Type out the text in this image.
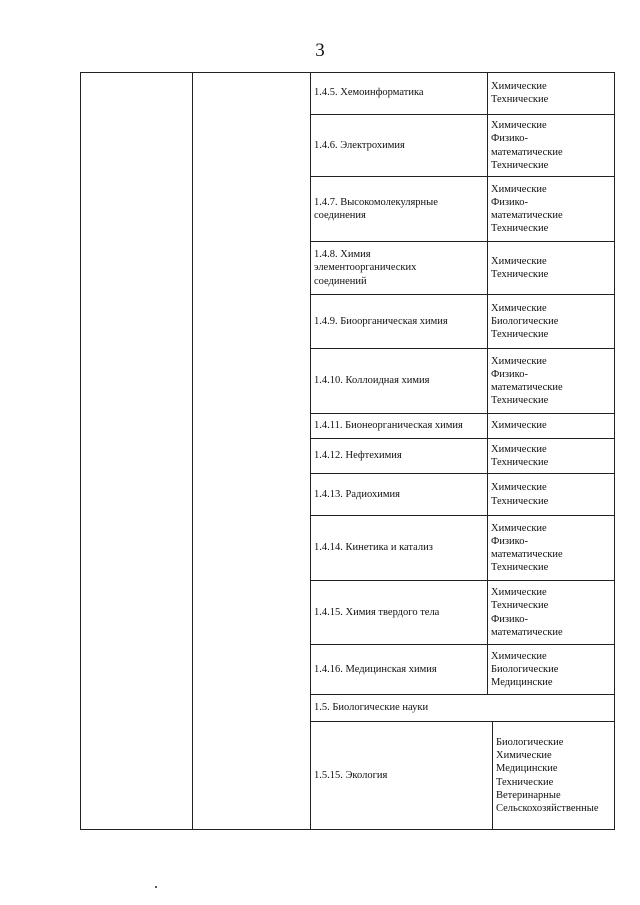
3
1.4.5. Хемоинформатика
Химические
Технические
1.4.6. Электрохимия
Химические
Физико-
математические
Технические
1.4.7. Высокомолекулярные соединения
Химические
Физико-
математические
Технические
1.4.8. Химия элементоорганических соединений
Химические
Технические
1.4.9. Биоорганическая химия
Химические
Биологические
Технические
1.4.10. Коллоидная химия
Химические
Физико-
математические
Технические
1.4.11. Бионеорганическая химия	Химические
1.4.12. Нефтехимия
Химические
Технические
1.4.13. Радиохимия
Химические
Технические
1.4.14. Кинетика и катализ
Химические
Физико-
математические
Технические
1.4.15. Химия твердого тела
Химические
Технические
Физико-
математические
1.4.16. Медицинская химия
Химические
Биологические
Медицинские
1.5. Биологические науки
1.5.15. Экология
Биологические
Химические
Медицинские
Технические
Ветеринарные
Сельскохозяйственные
